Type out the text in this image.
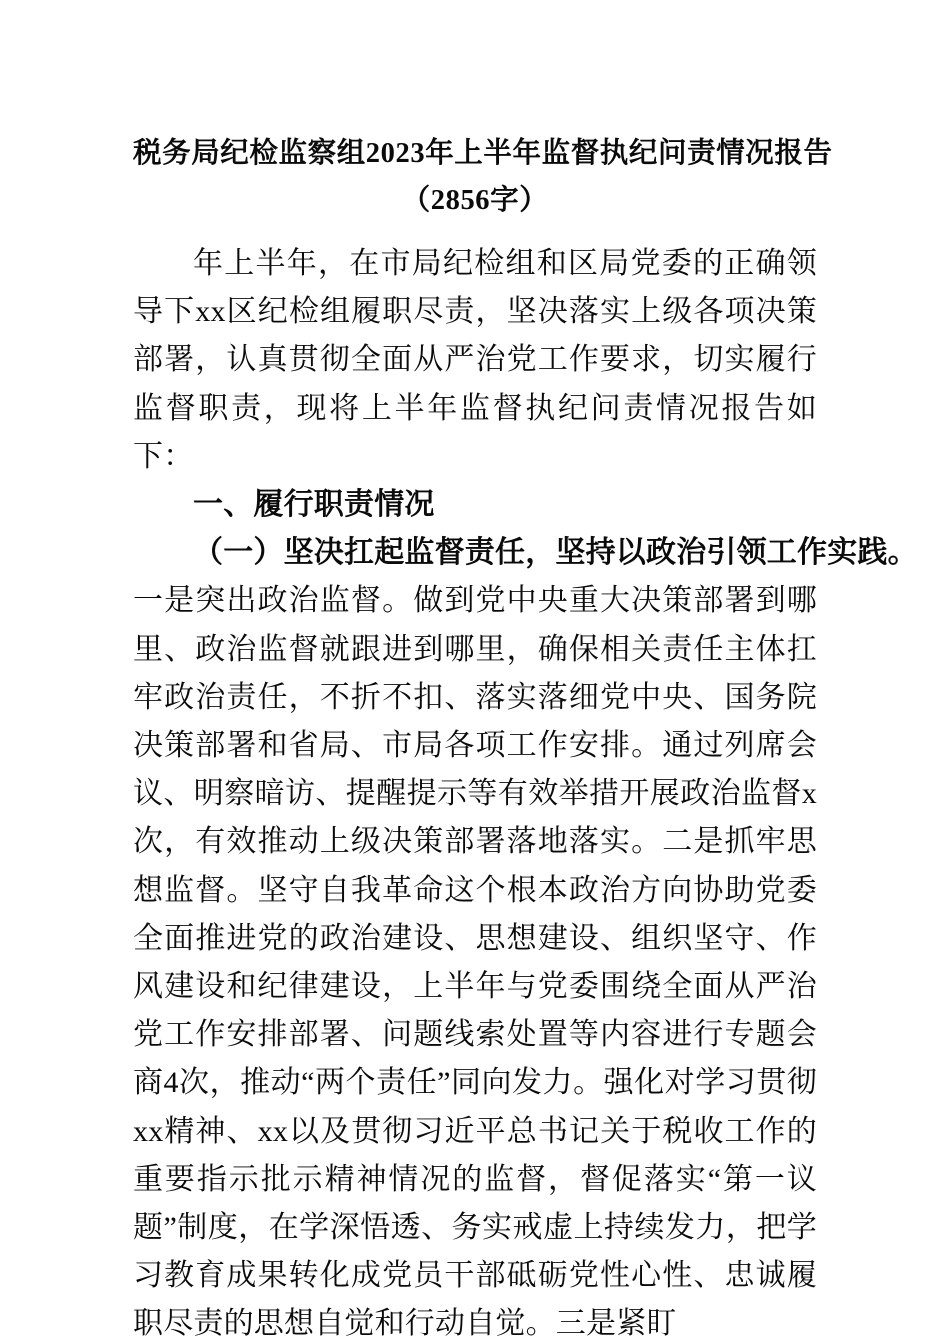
税务局纪检监察组2023年上半年监督执纪问责情况报告
（2856字）

年上半年，在市局纪检组和区局党委的正确领导下xx区纪检组履职尽责，坚决落实上级各项决策部署，认真贯彻全面从严治党工作要求，切实履行监督职责，现将上半年监督执纪问责情况报告如下：

一、履行职责情况

（一）坚决扛起监督责任，坚持以政治引领工作实践。

一是突出政治监督。做到党中央重大决策部署到哪里、政治监督就跟进到哪里，确保相关责任主体扛牢政治责任，不折不扣、落实落细党中央、国务院决策部署和省局、市局各项工作安排。通过列席会议、明察暗访、提醒提示等有效举措开展政治监督x次，有效推动上级决策部署落地落实。二是抓牢思想监督。坚守自我革命这个根本政治方向协助党委全面推进党的政治建设、思想建设、组织坚守、作风建设和纪律建设，上半年与党委围绕全面从严治党工作安排部署、问题线索处置等内容进行专题会商4次，推动“两个责任”同向发力。强化对学习贯彻xx精神、xx以及贯彻习近平总书记关于税收工作的重要指示批示精神情况的监督，督促落实“第一议题”制度，在学深悟透、务实戒虚上持续发力，把学习教育成果转化成党员干部砥砺党性心性、忠诚履职尽责的思想自觉和行动自觉。三是紧盯
